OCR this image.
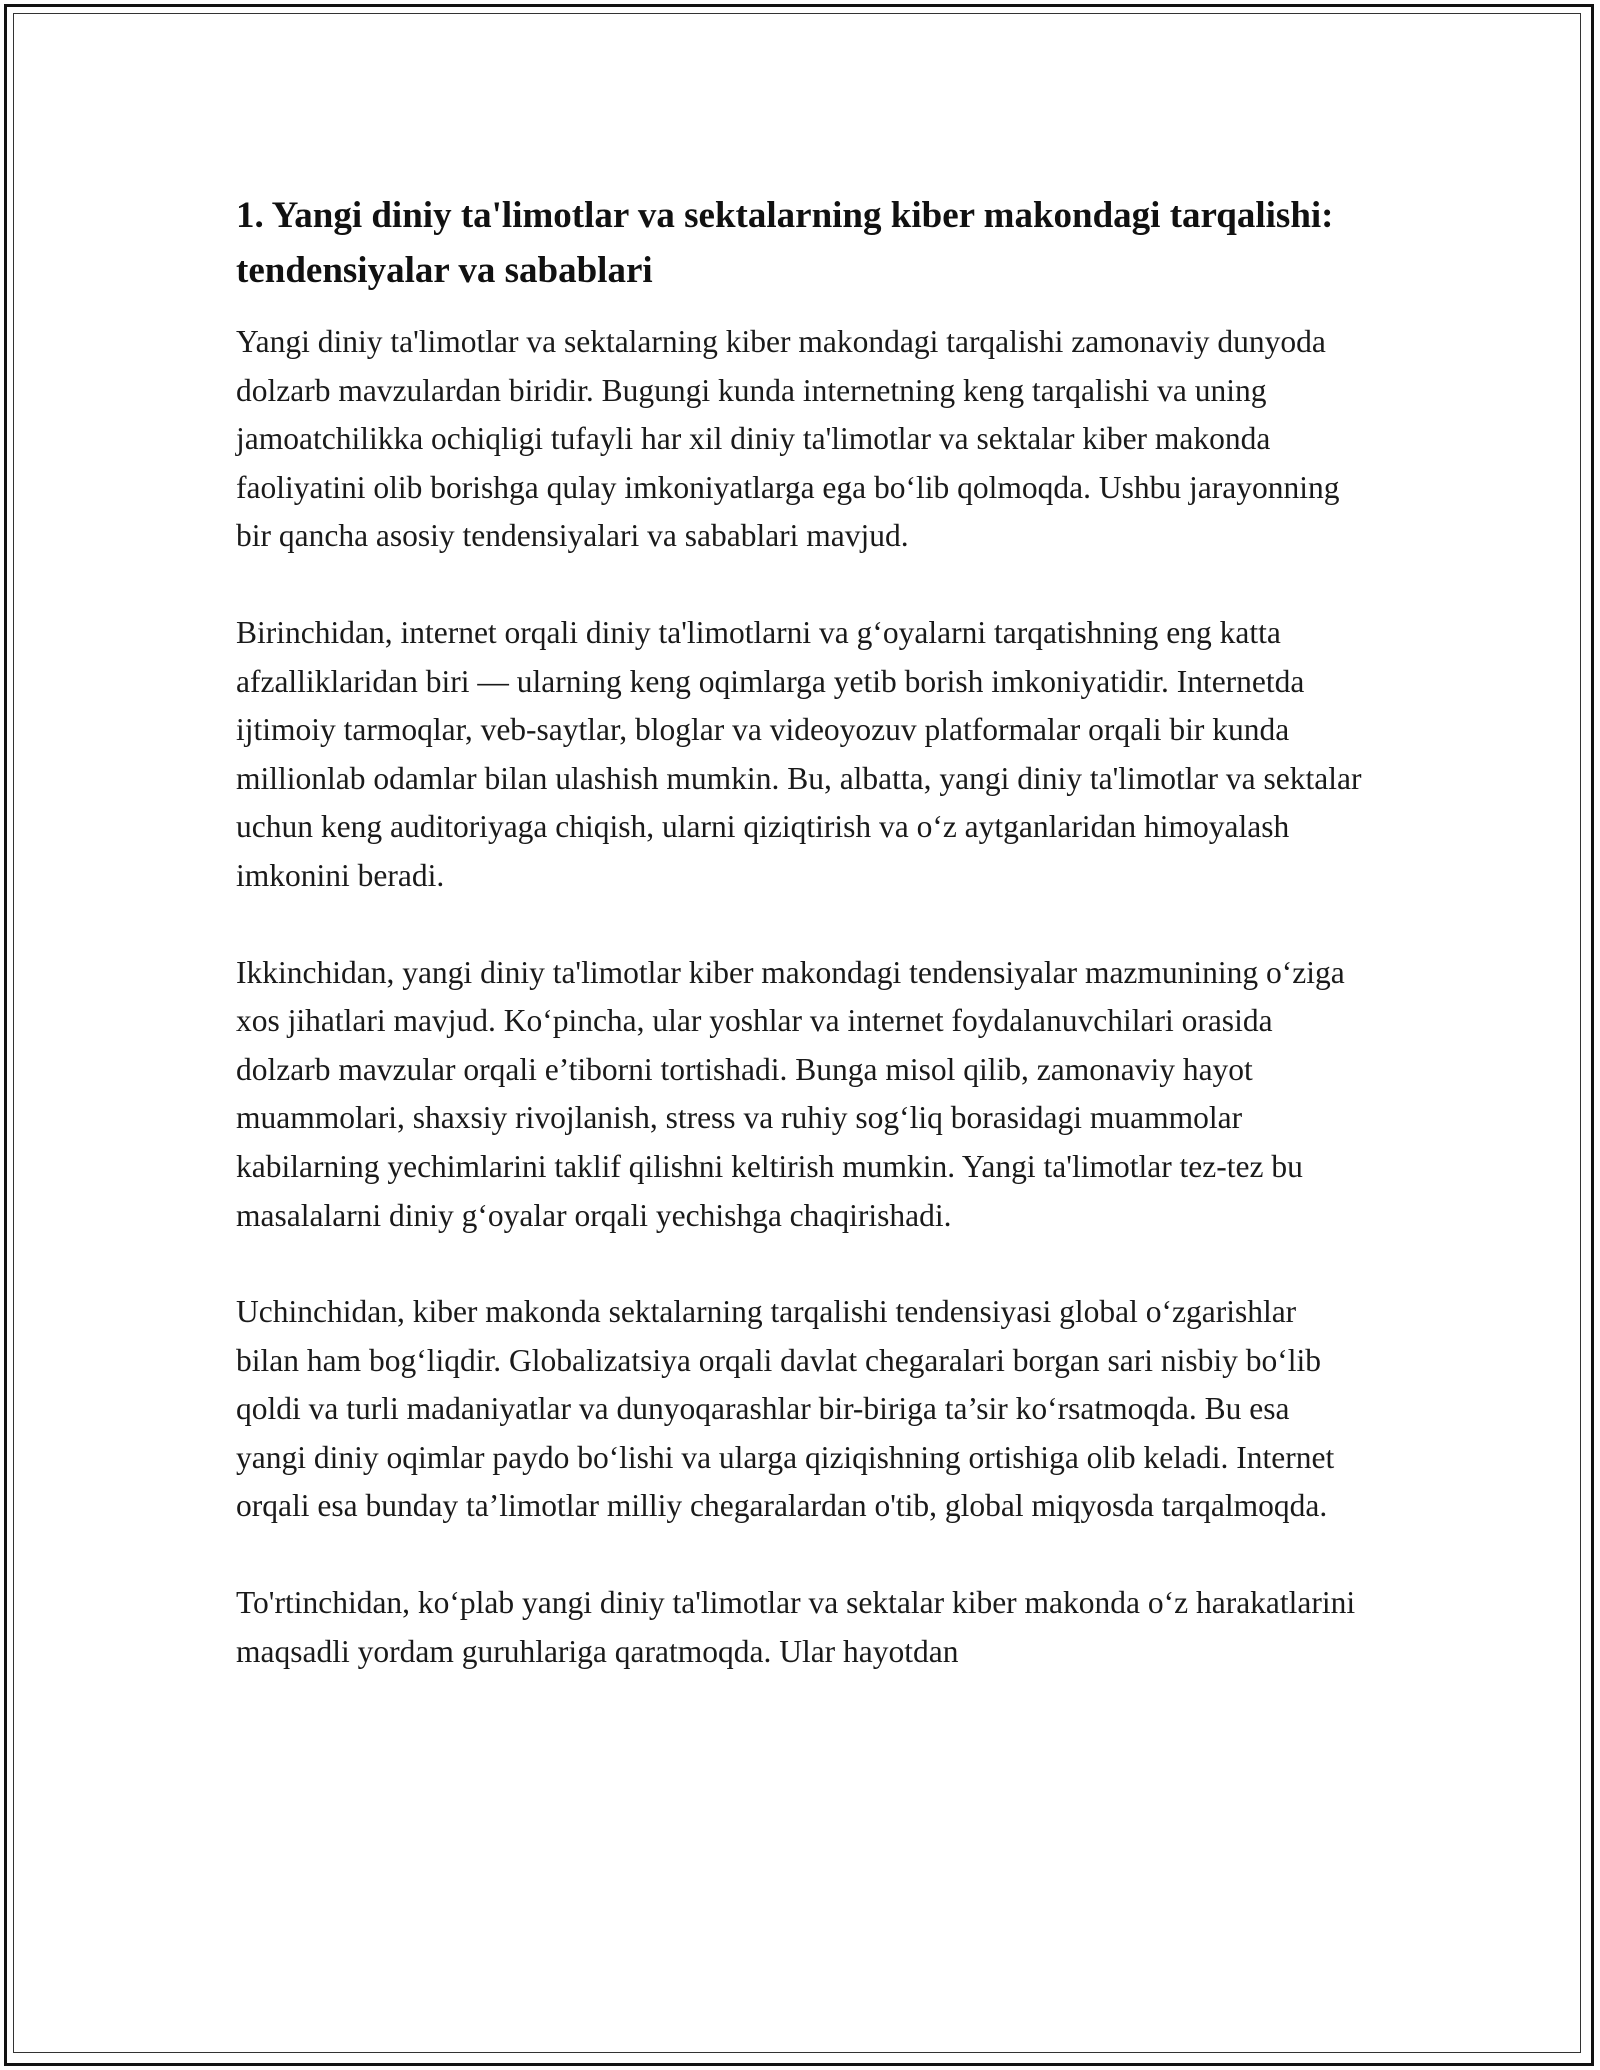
1. Yangi diniy ta'limotlar va sektalarning kiber makondagi tarqalishi: tendensiyalar va sabablari

Yangi diniy ta'limotlar va sektalarning kiber makondagi tarqalishi zamonaviy dunyoda dolzarb mavzulardan biridir. Bugungi kunda internetning keng tarqalishi va uning jamoatchilikka ochiqligi tufayli har xil diniy ta'limotlar va sektalar kiber makonda faoliyatini olib borishga qulay imkoniyatlarga ega bo‘lib qolmoqda. Ushbu jarayonning bir qancha asosiy tendensiyalari va sabablari mavjud.

Birinchidan, internet orqali diniy ta'limotlarni va g‘oyalarni tarqatishning eng katta afzalliklaridan biri — ularning keng oqimlarga yetib borish imkoniyatidir. Internetda ijtimoiy tarmoqlar, veb-saytlar, bloglar va videoyozuv platformalar orqali bir kunda millionlab odamlar bilan ulashish mumkin. Bu, albatta, yangi diniy ta'limotlar va sektalar uchun keng auditoriyaga chiqish, ularni qiziqtirish va o‘z aytganlaridan himoyalash imkonini beradi.

Ikkinchidan, yangi diniy ta'limotlar kiber makondagi tendensiyalar mazmunining o‘ziga xos jihatlari mavjud. Ko‘pincha, ular yoshlar va internet foydalanuvchilari orasida dolzarb mavzular orqali e’tiborni tortishadi. Bunga misol qilib, zamonaviy hayot muammolari, shaxsiy rivojlanish, stress va ruhiy sog‘liq borasidagi muammolar kabilarning yechimlarini taklif qilishni keltirish mumkin. Yangi ta'limotlar tez-tez bu masalalarni diniy g‘oyalar orqali yechishga chaqirishadi.

Uchinchidan, kiber makonda sektalarning tarqalishi tendensiyasi global o‘zgarishlar bilan ham bog‘liqdir. Globalizatsiya orqali davlat chegaralari borgan sari nisbiy bo‘lib qoldi va turli madaniyatlar va dunyoqarashlar bir-biriga ta’sir ko‘rsatmoqda. Bu esa yangi diniy oqimlar paydo bo‘lishi va ularga qiziqishning ortishiga olib keladi. Internet orqali esa bunday ta’limotlar milliy chegaralardan o'tib, global miqyosda tarqalmoqda.

To'rtinchidan, ko‘plab yangi diniy ta'limotlar va sektalar kiber makonda o‘z harakatlarini maqsadli yordam guruhlariga qaratmoqda. Ular hayotdan
